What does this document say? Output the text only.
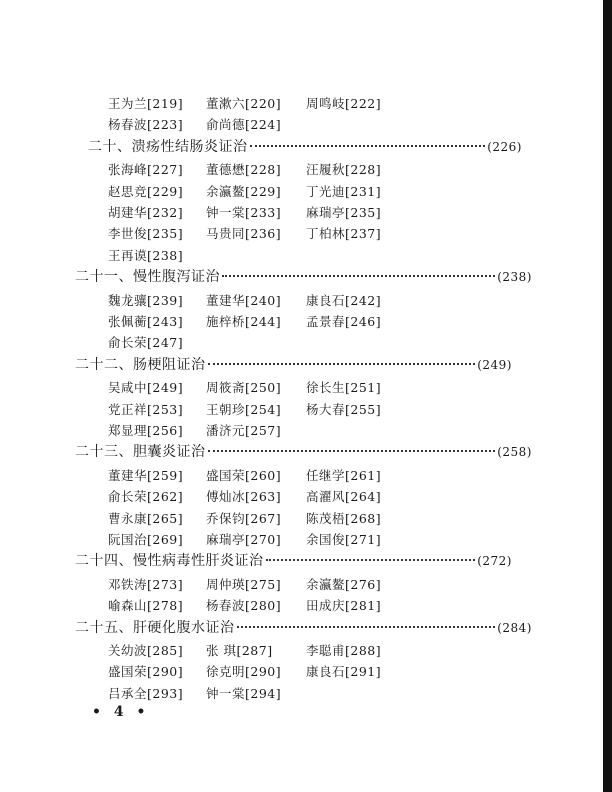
王为兰[219] 董漱六[220] 周鸣岐[222]
杨春波[223] 俞尚德[224]
二十、溃疡性结肠炎证治	(226)
张海峰[227] 董德懋[228] 汪履秋[228]
赵思竞[229] 余瀛鳌[229] 丁光迪[231]
胡建华[232] 钟一棠[233] 麻瑞亭[235]
李世俊[235] 马贵同[236] 丁柏林[237]
王再谟[238]
二十一、慢性腹泻证治	(238)
魏龙骧[239] 董建华[240] 康良石[242]
张佩蘅[243] 施梓桥[244] 孟景春[246]
俞长荣[247]
二十二、肠梗阻证治	(249)
吴咸中[249] 周筱斋[250] 徐长生[251]
党正祥[253] 王朝珍[254] 杨大春[255]
郑显理[256] 潘济元[257]
二十三、胆囊炎证治	(258)
董建华[259] 盛国荣[260] 任继学[261]
俞长荣[262] 傅灿冰[263] 高濯风[264]
曹永康[265] 乔保钧[267] 陈茂梧[268]
阮国治[269] 麻瑞亭[270] 余国俊[271]
二十四、慢性病毒性肝炎证治	(272)
邓铁涛[273] 周仲瑛[275] 余瀛鳌[276]
喻森山[278] 杨春波[280] 田成庆[281]
二十五、肝硬化腹水证治	(284)
关幼波[285] 张 琪[287]	李聪甫[288]
盛国荣[290] 徐克明[290] 康良石[291]
吕承全[293] 钟一棠[294]
• 4 •
